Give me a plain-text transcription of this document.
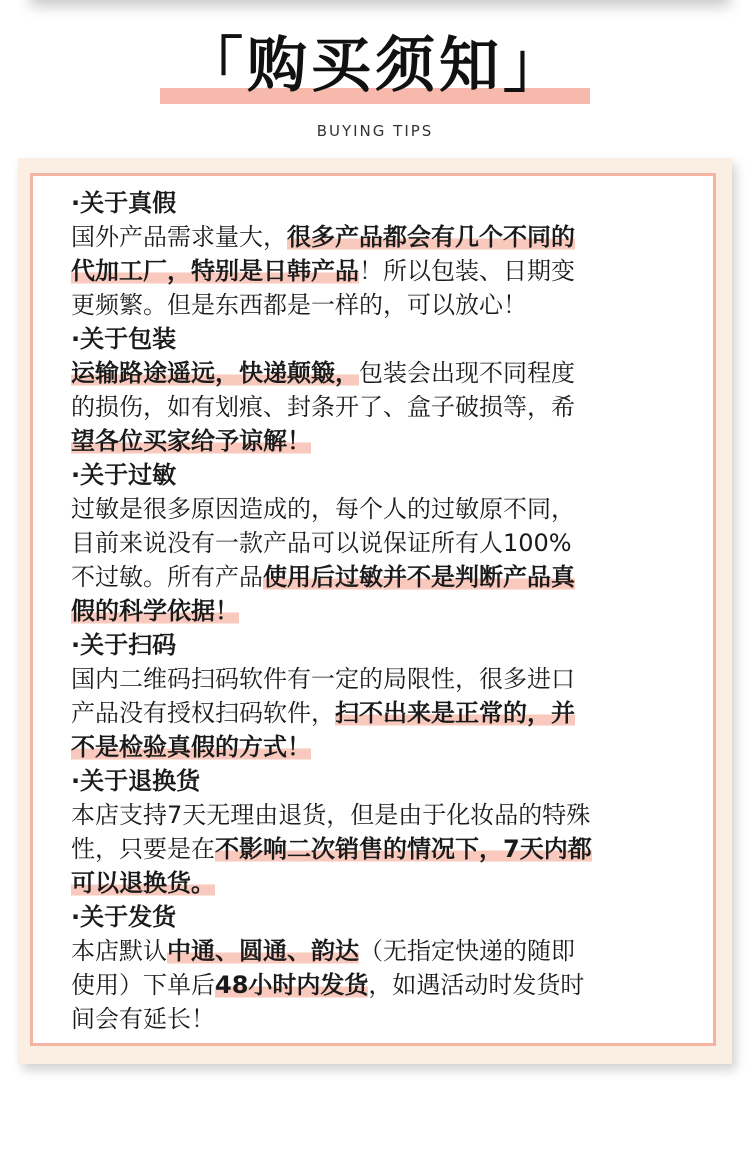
「购买须知」
BUYING TIPS
·关于真假
国外产品需求量大，很多产品都会有几个不同的
代加工厂，特别是日韩产品！所以包装、日期变
更频繁。但是东西都是一样的，可以放心！
·关于包装
运输路途遥远，快递颠簸，包装会出现不同程度
的损伤，如有划痕、封条开了、盒子破损等，希
望各位买家给予谅解！
·关于过敏
过敏是很多原因造成的，每个人的过敏原不同，
目前来说没有一款产品可以说保证所有人100%
不过敏。所有产品使用后过敏并不是判断产品真
假的科学依据！
·关于扫码
国内二维码扫码软件有一定的局限性，很多进口
产品没有授权扫码软件，扫不出来是正常的，并
不是检验真假的方式！
·关于退换货
本店支持7天无理由退货，但是由于化妆品的特殊
性，只要是在不影响二次销售的情况下，7天内都
可以退换货。
·关于发货
本店默认中通、圆通、韵达（无指定快递的随即
使用）下单后48小时内发货，如遇活动时发货时
间会有延长！
